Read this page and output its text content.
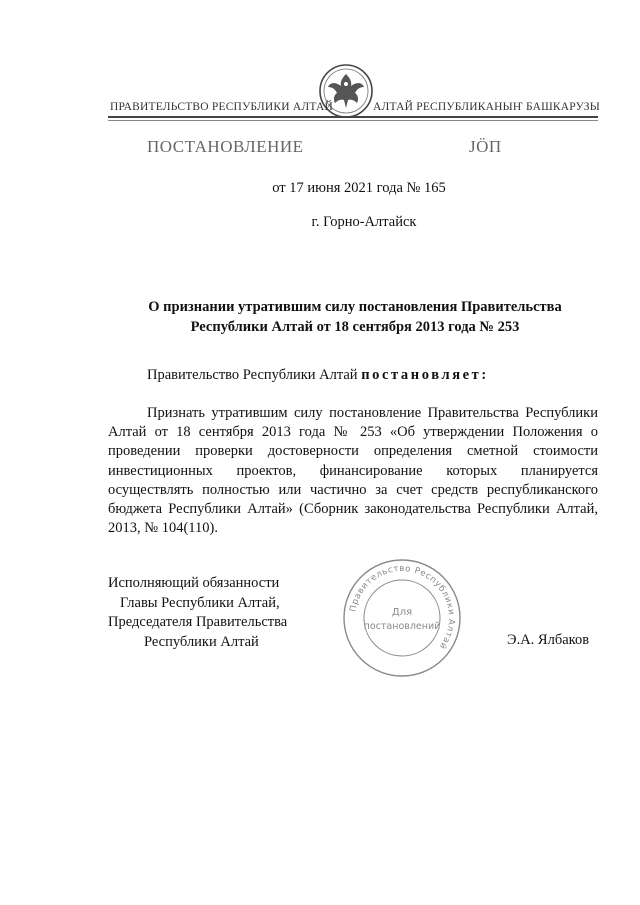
ПРАВИТЕЛЬСТВО РЕСПУБЛИКИ АЛТАЙ	АЛТАЙ РЕСПУБЛИКАНЫҤ БАШКАРУЗЫ
ПОСТАНОВЛЕНИЕ	ЈӦП
от 17 июня 2021 года № 165
г. Горно-Алтайск
О признании утратившим силу постановления Правительства
Республики Алтай от 18 сентября 2013 года № 253
Правительство Республики Алтай постановляет:
Признать утратившим силу постановление Правительства Республики Алтай от 18 сентября 2013 года № 253 «Об утверждении Положения о проведении проверки достоверности определения сметной стоимости инвестиционных проектов, финансирование которых планируется осуществлять полностью или частично за счет средств республиканского бюджета Республики Алтай» (Сборник законодательства Республики Алтай, 2013, № 104(110).
Исполняющий обязанности
Главы Республики Алтай,
Председателя Правительства
Республики Алтай	Э.А. Ялбаков
Правительство Республики Алтай
Для
постановлений
